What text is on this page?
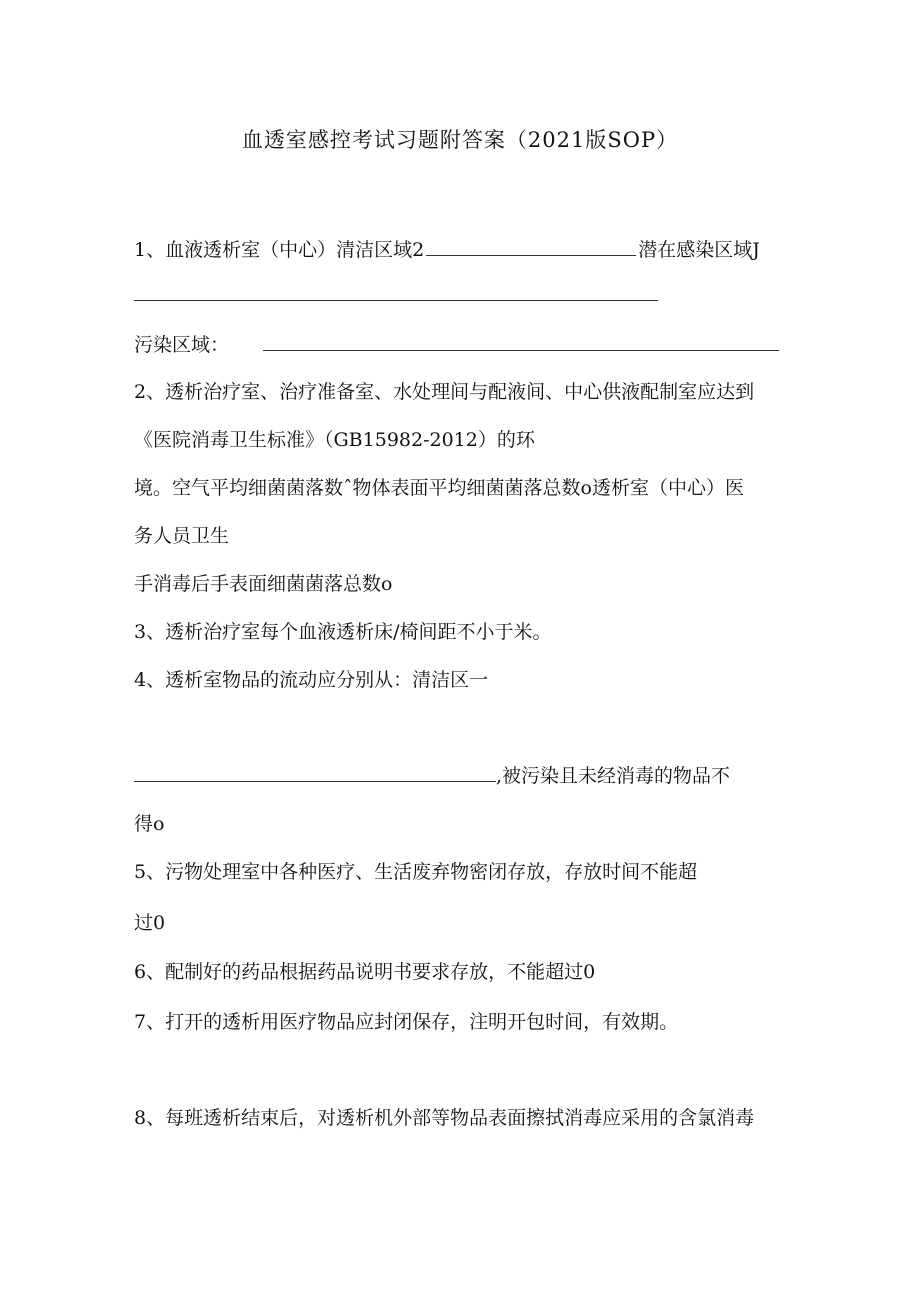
血透室感控考试习题附答案（2021版SOP）
1、血液透析室（中心）清洁区域2	潜在感染区域J
污染区域：
2、透析治疗室、治疗准备室、水处理间与配液间、中心供液配制室应达到
《医院消毒卫生标准》（GB15982-2012）的环
境。空气平均细菌菌落数ˆ物体表面平均细菌菌落总数o透析室（中心）医
务人员卫生
手消毒后手表面细菌菌落总数o
3、透析治疗室每个血液透析床/椅间距不小于米。
4、透析室物品的流动应分别从：清洁区一
,被污染且未经消毒的物品不
得o
5、污物处理室中各种医疗、生活废弃物密闭存放，存放时间不能超
过0
6、配制好的药品根据药品说明书要求存放，不能超过0
7、打开的透析用医疗物品应封闭保存，注明开包时间，有效期。
8、每班透析结束后，对透析机外部等物品表面擦拭消毒应采用的含氯消毒
